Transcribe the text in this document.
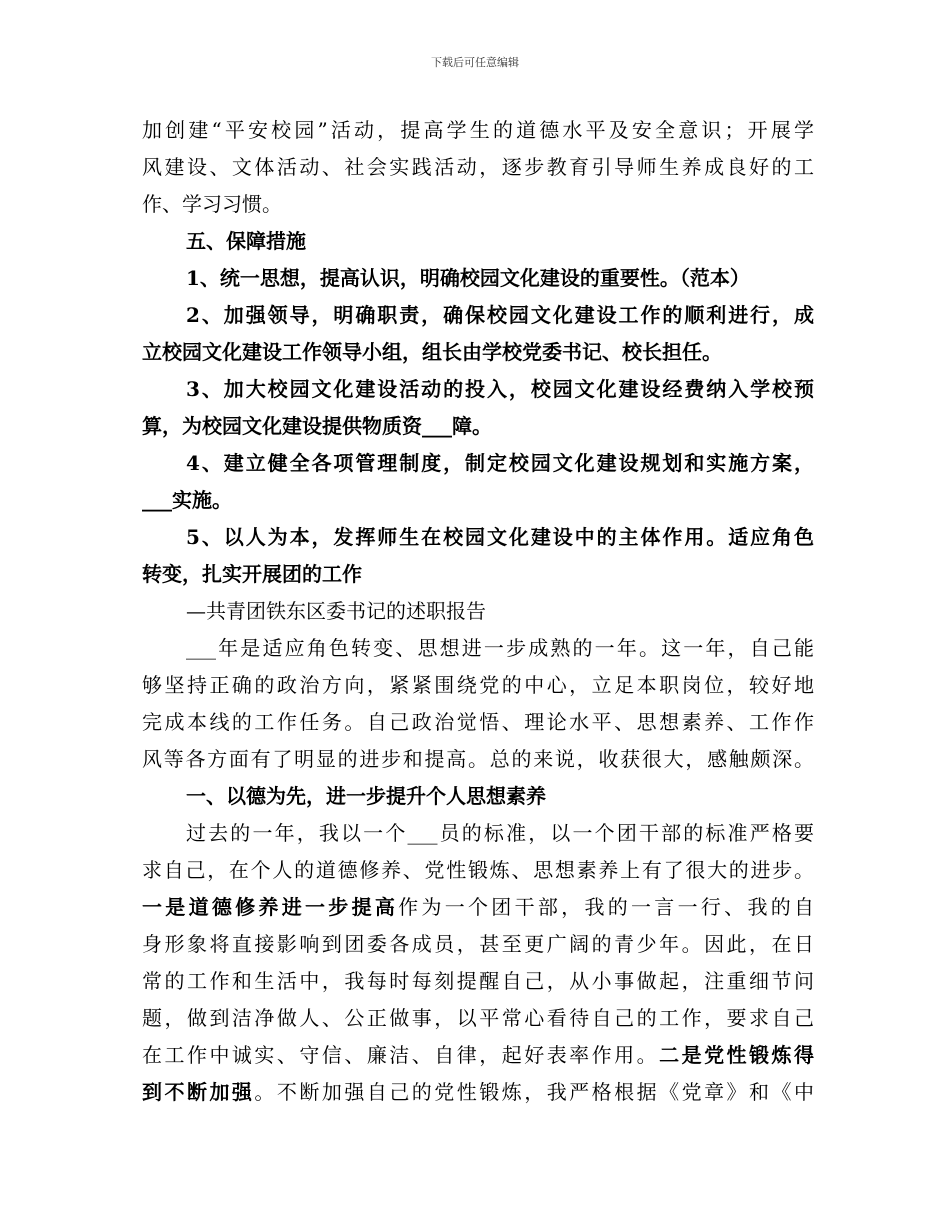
下载后可任意编辑
加创建“平安校园”活动，提高学生的道德水平及安全意识；开展学
风建设、文体活动、社会实践活动，逐步教育引导师生养成良好的工
作、学习习惯。
五、保障措施
1、统一思想，提高认识，明确校园文化建设的重要性。（范本）
2、加强领导，明确职责，确保校园文化建设工作的顺利进行，成
立校园文化建设工作领导小组，组长由学校党委书记、校长担任。
3、加大校园文化建设活动的投入，校园文化建设经费纳入学校预
算，为校园文化建设提供物质资___障。
4、建立健全各项管理制度，制定校园文化建设规划和实施方案，
___实施。
5、以人为本，发挥师生在校园文化建设中的主体作用。适应角色
转变，扎实开展团的工作
—共青团铁东区委书记的述职报告
___年是适应角色转变、思想进一步成熟的一年。这一年，自己能
够坚持正确的政治方向，紧紧围绕党的中心，立足本职岗位，较好地
完成本线的工作任务。自己政治觉悟、理论水平、思想素养、工作作
风等各方面有了明显的进步和提高。总的来说，收获很大，感触颇深。
一、以德为先，进一步提升个人思想素养
过去的一年，我以一个___员的标准，以一个团干部的标准严格要
求自己，在个人的道德修养、党性锻炼、思想素养上有了很大的进步。
一是道德修养进一步提高作为一个团干部，我的一言一行、我的自
身形象将直接影响到团委各成员，甚至更广阔的青少年。因此，在日
常的工作和生活中，我每时每刻提醒自己，从小事做起，注重细节问
题，做到洁净做人、公正做事，以平常心看待自己的工作，要求自己
在工作中诚实、守信、廉洁、自律，起好表率作用。二是党性锻炼得
到不断加强。不断加强自己的党性锻炼，我严格根据《党章》和《中
